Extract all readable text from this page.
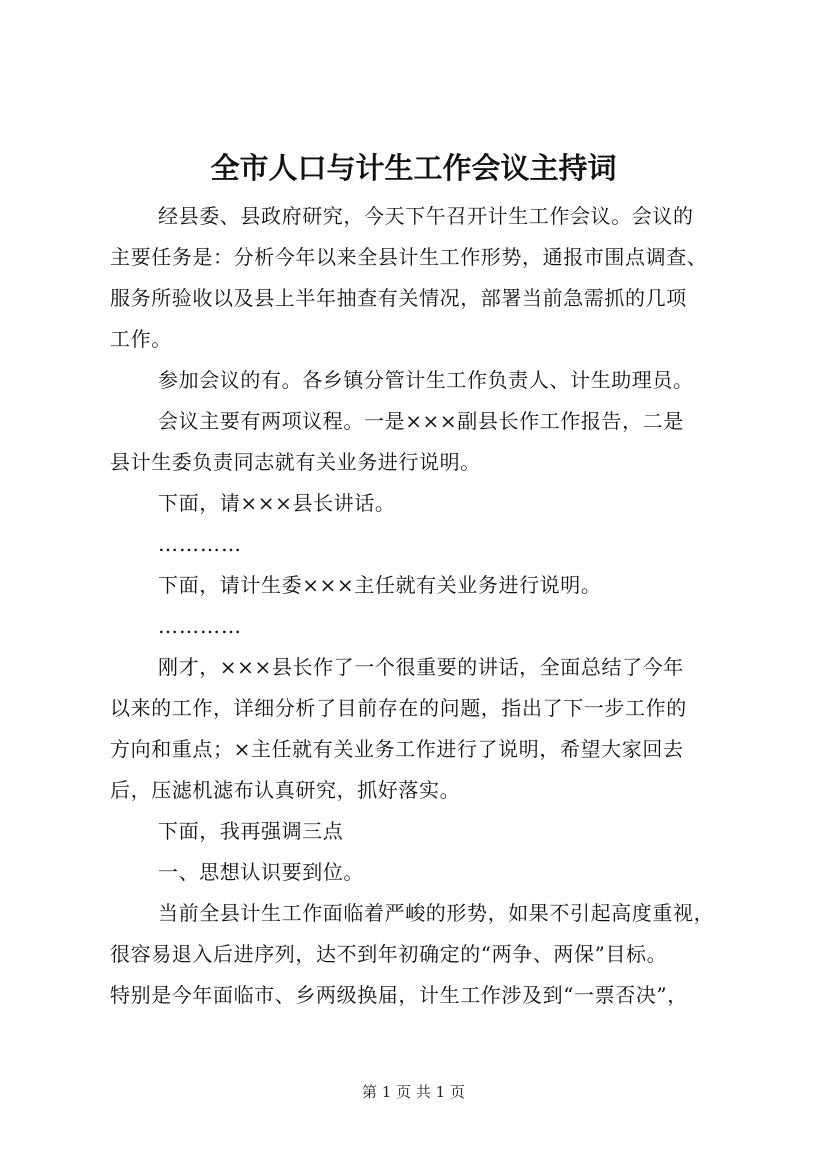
全市人口与计生工作会议主持词

经县委、县政府研究，今天下午召开计生工作会议。会议的
主要任务是：分析今年以来全县计生工作形势，通报市围点调查、
服务所验收以及县上半年抽查有关情况，部署当前急需抓的几项
工作。

参加会议的有。各乡镇分管计生工作负责人、计生助理员。

会议主要有两项议程。一是×××副县长作工作报告，二是
县计生委负责同志就有关业务进行说明。

下面，请×××县长讲话。

…………

下面，请计生委×××主任就有关业务进行说明。

…………

刚才，×××县长作了一个很重要的讲话，全面总结了今年
以来的工作，详细分析了目前存在的问题，指出了下一步工作的
方向和重点；×主任就有关业务工作进行了说明，希望大家回去
后，压滤机滤布认真研究，抓好落实。

下面，我再强调三点

一、思想认识要到位。

当前全县计生工作面临着严峻的形势，如果不引起高度重视，
很容易退入后进序列，达不到年初确定的“两争、两保”目标。
特别是今年面临市、乡两级换届，计生工作涉及到“一票否决”，

第 1 页 共 1 页
